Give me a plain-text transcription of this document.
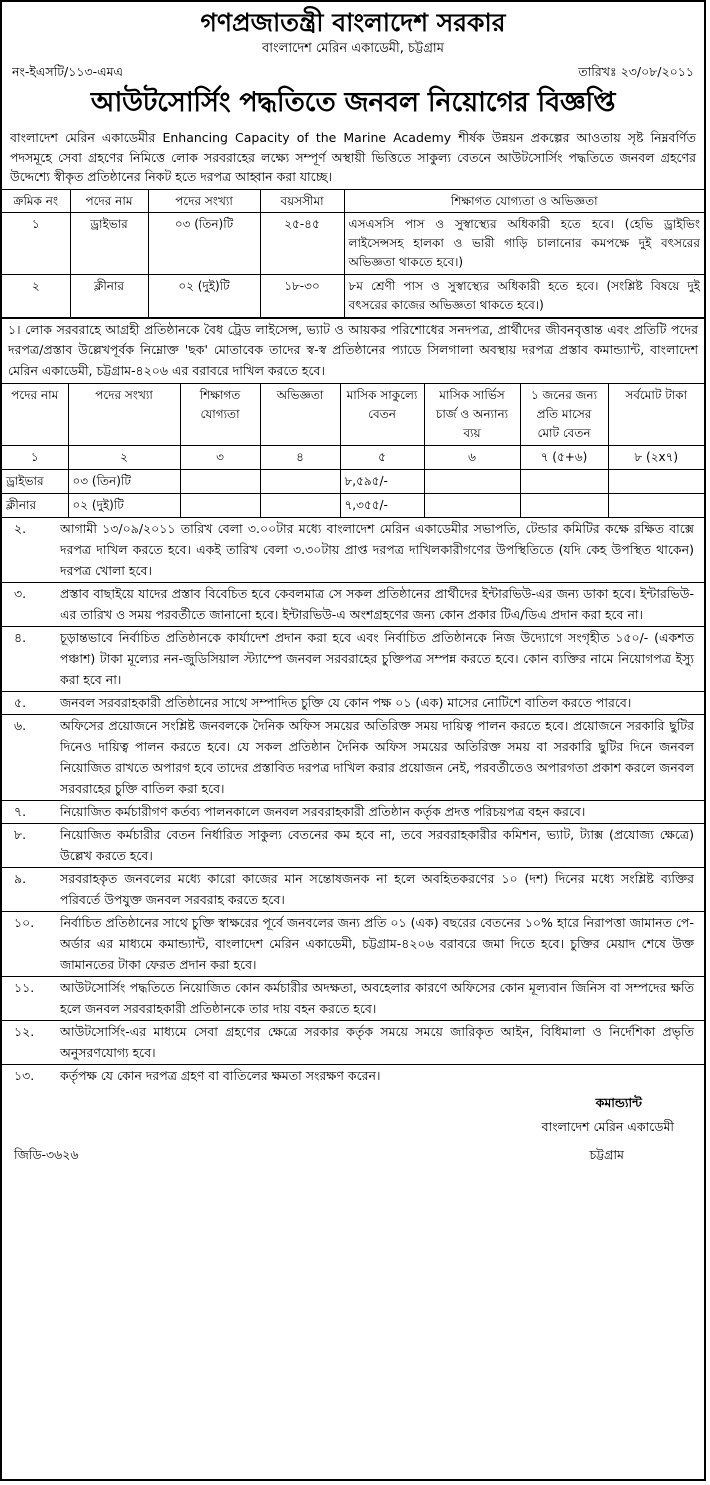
গণপ্রজাতন্ত্রী বাংলাদেশ সরকার
বাংলাদেশ মেরিন একাডেমী, চট্টগ্রাম
নং-ইএসটি/১১৩-এমএ	তারিখঃ ২৩/০৮/২০১১
আউটসোর্সিং পদ্ধতিতে জনবল নিয়োগের বিজ্ঞপ্তি
বাংলাদেশ মেরিন একাডেমীর Enhancing Capacity of the Marine Academy শীর্ষক উন্নয়ন প্রকল্পের আওতায় সৃষ্ট নিম্নবর্ণিত পদসমূহে সেবা গ্রহণের নিমিত্তে লোক সরবরাহের লক্ষ্যে সম্পূর্ণ অস্থায়ী ভিত্তিতে সাকুল্য বেতনে আউটসোর্সিং পদ্ধতিতে জনবল গ্রহণের উদ্দেশ্যে স্বীকৃত প্রতিষ্ঠানের নিকট হতে দরপত্র আহ্বান করা যাচ্ছে।
ক্রমিক নং	পদের নাম	পদের সংখ্যা	বয়সসীমা	শিক্ষাগত যোগ্যতা ও অভিজ্ঞতা
১	ড্রাইভার	০৩ (তিন)টি	২৫-৪৫	এসএসসি পাস ও সুস্বাস্থ্যের অধিকারী হতে হবে। (হেভি ড্রাইভিং লাইসেন্সসহ হালকা ও ভারী গাড়ি চালানোর কমপক্ষে দুই বৎসরের অভিজ্ঞতা থাকতে হবে।)
২	ক্লীনার	০২ (দুই)টি	১৮-৩০	৮ম শ্রেণী পাস ও সুস্বাস্থ্যের অধিকারী হতে হবে। (সংশ্লিষ্ট বিষয়ে দুই বৎসরের কাজের অভিজ্ঞতা থাকতে হবে।)
১। লোক সরবরাহে আগ্রহী প্রতিষ্ঠানকে বৈধ ট্রেড লাইসেন্স, ভ্যাট ও আয়কর পরিশোধের সনদপত্র, প্রার্থীদের জীবনবৃত্তান্ত এবং প্রতিটি পদের দরপত্র/প্রস্তাব উল্লেখপূর্বক নিম্নোক্ত 'ছক' মোতাবেক তাদের স্ব-স্ব প্রতিষ্ঠানের প্যাডে সিলগালা অবস্থায় দরপত্র প্রস্তাব কমান্ড্যান্ট, বাংলাদেশ মেরিন একাডেমী, চট্টগ্রাম-৪২০৬ এর বরাবরে দাখিল করতে হবে।
পদের নাম	পদের সংখ্যা	শিক্ষাগত যোগ্যতা	অভিজ্ঞতা	মাসিক সাকুল্যে বেতন	মাসিক সার্ভিস চার্জ ও অন্যান্য ব্যয়	১ জনের জন্য প্রতি মাসের মোট বেতন	সর্বমোট টাকা
১	২	৩	৪	৫	৬	৭ (৫+৬)	৮ (২x৭)
ড্রাইভার	০৩ (তিন)টি			৮,৫৯৫/-			
ক্লীনার	০২ (দুই)টি			৭,৩৫৫/-			
২.	আগামী ১৩/০৯/২০১১ তারিখ বেলা ৩.০০টার মধ্যে বাংলাদেশ মেরিন একাডেমীর সভাপতি, টেন্ডার কমিটির কক্ষে রক্ষিত বাক্সে দরপত্র দাখিল করতে হবে। একই তারিখ বেলা ৩.৩০টায় প্রাপ্ত দরপত্র দাখিলকারীগণের উপস্থিতিতে (যদি কেহ উপস্থিত থাকেন) দরপত্র খোলা হবে।
৩.	প্রস্তাব বাছাইয়ে যাদের প্রস্তাব বিবেচিত হবে কেবলমাত্র সে সকল প্রতিষ্ঠানের প্রার্থীদের ইন্টারভিউ-এর জন্য ডাকা হবে। ইন্টারভিউ-এর তারিখ ও সময় পরবর্তীতে জানানো হবে। ইন্টারভিউ-এ অংশগ্রহণের জন্য কোন প্রকার টিএ/ডিএ প্রদান করা হবে না।
৪.	চূড়ান্তভাবে নির্বাচিত প্রতিষ্ঠানকে কার্যাদেশ প্রদান করা হবে এবং নির্বাচিত প্রতিষ্ঠানকে নিজ উদ্যোগে সংগৃহীত ১৫০/- (একশত পঞ্চাশ) টাকা মূল্যের নন-জুডিসিয়াল স্ট্যাম্পে জনবল সরবরাহের চুক্তিপত্র সম্পন্ন করতে হবে। কোন ব্যক্তির নামে নিয়োগপত্র ইস্যু করা হবে না।
৫.	জনবল সরবরাহকারী প্রতিষ্ঠানের সাথে সম্পাদিত চুক্তি যে কোন পক্ষ ০১ (এক) মাসের নোটিশে বাতিল করতে পারবে।
৬.	অফিসের প্রয়োজনে সংশ্লিষ্ট জনবলকে দৈনিক অফিস সময়ের অতিরিক্ত সময় দায়িত্ব পালন করতে হবে। প্রয়োজনে সরকারি ছুটির দিনেও দায়িত্ব পালন করতে হবে। যে সকল প্রতিষ্ঠান দৈনিক অফিস সময়ের অতিরিক্ত সময় বা সরকারি ছুটির দিনে জনবল নিয়োজিত রাখতে অপারগ হবে তাদের প্রস্তাবিত দরপত্র দাখিল করার প্রয়োজন নেই, পরবর্তীতেও অপারগতা প্রকাশ করলে জনবল সরবরাহের চুক্তি বাতিল করা হবে।
৭.	নিয়োজিত কর্মচারীগণ কর্তব্য পালনকালে জনবল সরবরাহকারী প্রতিষ্ঠান কর্তৃক প্রদত্ত পরিচয়পত্র বহন করবে।
৮.	নিয়োজিত কর্মচারীর বেতন নির্ধারিত সাকুল্য বেতনের কম হবে না, তবে সরবরাহকারীর কমিশন, ভ্যাট, ট্যাক্স (প্রযোজ্য ক্ষেত্রে) উল্লেখ করতে হবে।
৯.	সরবরাহকৃত জনবলের মধ্যে কারো কাজের মান সন্তোষজনক না হলে অবহিতকরণের ১০ (দশ) দিনের মধ্যে সংশ্লিষ্ট ব্যক্তির পরিবর্তে উপযুক্ত জনবল সরবরাহ করতে হবে।
১০.	নির্বাচিত প্রতিষ্ঠানের সাথে চুক্তি স্বাক্ষরের পূর্বে জনবলের জন্য প্রতি ০১ (এক) বছরের বেতনের ১০% হারে নিরাপত্তা জামানত পে-অর্ডার এর মাধ্যমে কমান্ড্যান্ট, বাংলাদেশ মেরিন একাডেমী, চট্টগ্রাম-৪২০৬ বরাবরে জমা দিতে হবে। চুক্তির মেয়াদ শেষে উক্ত জামানতের টাকা ফেরত প্রদান করা হবে।
১১.	আউটসোর্সিং পদ্ধতিতে নিয়োজিত কোন কর্মচারীর অদক্ষতা, অবহেলার কারণে অফিসের কোন মূল্যবান জিনিস বা সম্পদের ক্ষতি হলে জনবল সরবরাহকারী প্রতিষ্ঠানকে তার দায় বহন করতে হবে।
১২.	আউটসোর্সিং-এর মাধ্যমে সেবা গ্রহণের ক্ষেত্রে সরকার কর্তৃক সময়ে সময়ে জারিকৃত আইন, বিধিমালা ও নির্দেশিকা প্রভৃতি অনুসরণযোগ্য হবে।
১৩.	কর্তৃপক্ষ যে কোন দরপত্র গ্রহণ বা বাতিলের ক্ষমতা সংরক্ষণ করেন।
কমান্ড্যান্ট
বাংলাদেশ মেরিন একাডেমী
চট্টগ্রাম
জিডি-৩৬২৬
